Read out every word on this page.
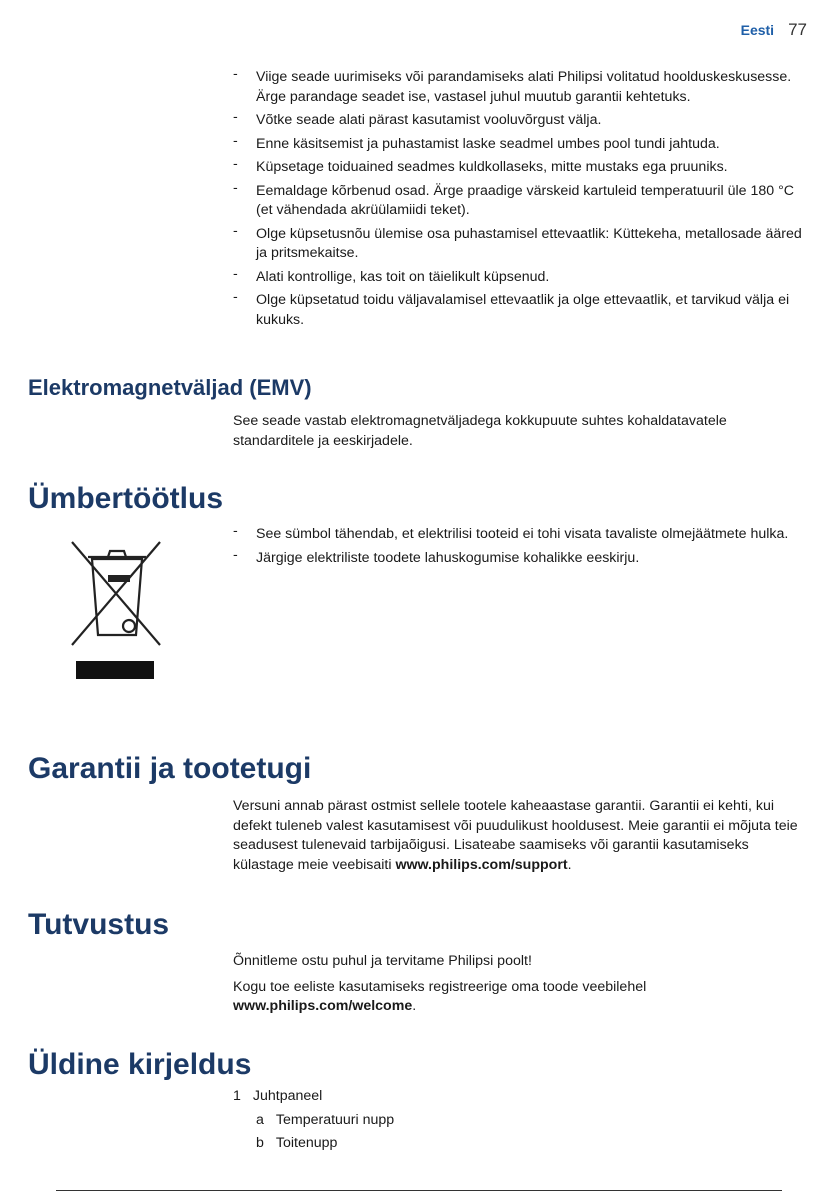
Eesti 77
- Viige seade uurimiseks või parandamiseks alati Philipsi volitatud hoolduskeskusesse. Ärge parandage seadet ise, vastasel juhul muutub garantii kehtetuks.
- Võtke seade alati pärast kasutamist vooluvõrgust välja.
- Enne käsitsemist ja puhastamist laske seadmel umbes pool tundi jahtuda.
- Küpsetage toiduained seadmes kuldkollaseks, mitte mustaks ega pruuniks.
- Eemaldage kõrbenud osad. Ärge praadige värskeid kartuleid temperatuuril üle 180 °C (et vähendada akrüülamiidi teket).
- Olge küpsetusnõu ülemise osa puhastamisel ettevaatlik: Küttekeha, metallosade ääred ja pritsmekaitse.
- Alati kontrollige, kas toit on täielikult küpsenud.
- Olge küpsetatud toidu väljavalamisel ettevaatlik ja olge ettevaatlik, et tarvikud välja ei kukuks.
Elektromagnetväljad (EMV)

See seade vastab elektromagnetväljadega kokkupuute suhtes kohaldatavatele standarditele ja eeskirjadele.

Ümbertöötlus
- See sümbol tähendab, et elektrilisi tooteid ei tohi visata tavaliste olmejäätmete hulka.
- Järgige elektriliste toodete lahuskogumise kohalikke eeskirju.
Garantii ja tootetugi

Versuni annab pärast ostmist sellele tootele kaheaastase garantii. Garantii ei kehti, kui defekt tuleneb valest kasutamisest või puudulikust hooldusest. Meie garantii ei mõjuta teie seadusest tulenevaid tarbijaõigusi. Lisateabe saamiseks või garantii kasutamiseks külastage meie veebisaiti www.philips.com/support.

Tutvustus

Õnnitleme ostu puhul ja tervitame Philipsi poolt!

Kogu toe eeliste kasutamiseks registreerige oma toode veebilehel www.philips.com/welcome.

Üldine kirjeldus
1 Juhtpaneel
a Temperatuuri nupp
b Toitenupp
